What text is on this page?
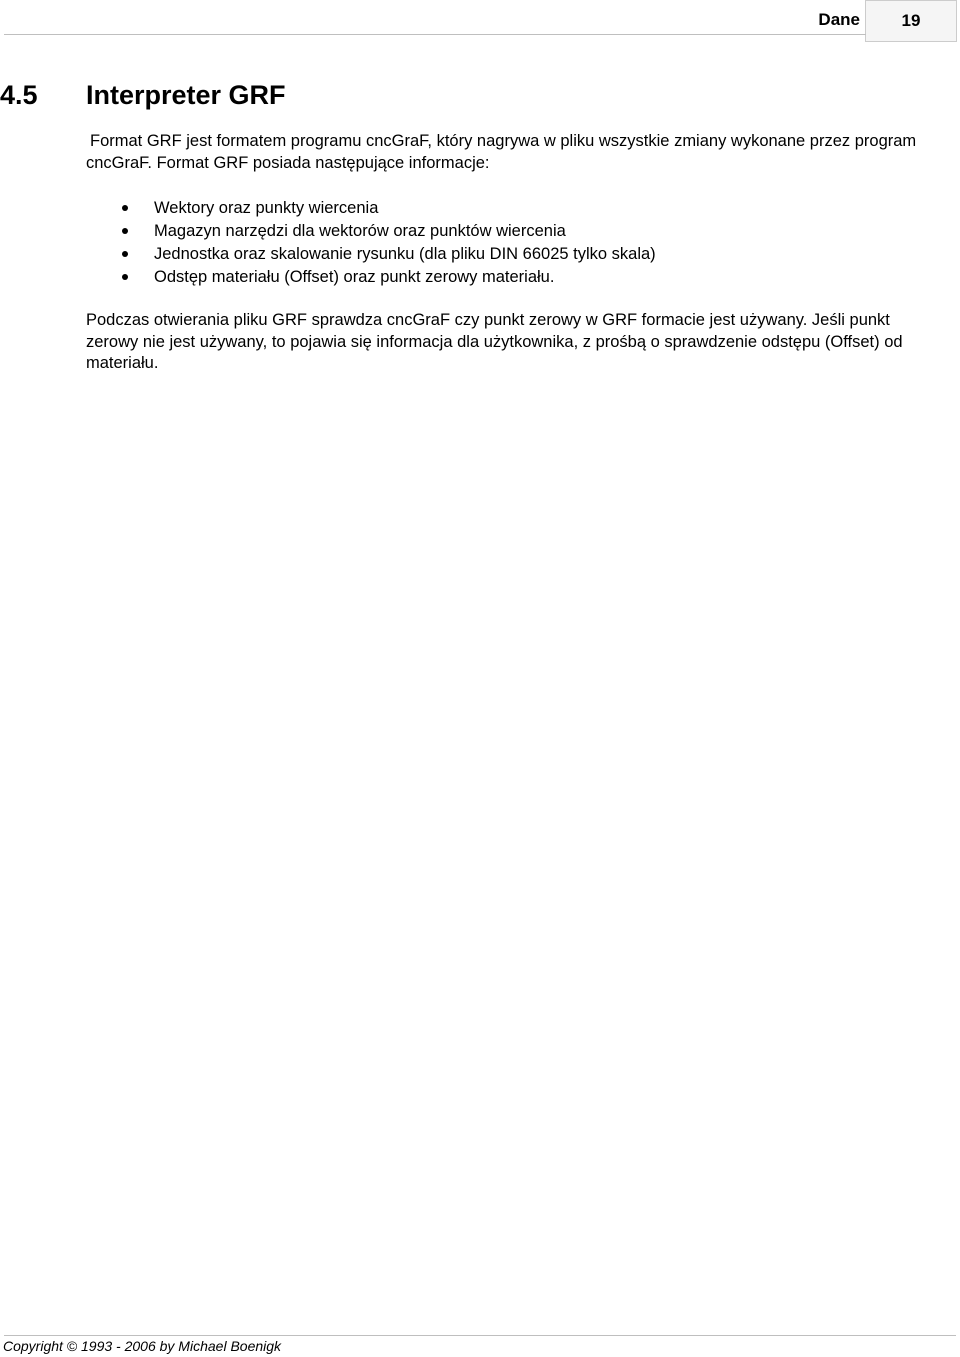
Dane 19
4.5 Interpreter GRF

Format GRF jest formatem programu cncGraF, który nagrywa w pliku wszystkie zmiany wykonane przez program cncGraF. Format GRF posiada następujące informacje:

Wektory oraz punkty wiercenia
Magazyn narzędzi dla wektorów oraz punktów wiercenia
Jednostka oraz skalowanie rysunku (dla pliku DIN 66025 tylko skala)
Odstęp materiału (Offset) oraz punkt zerowy materiału.

Podczas otwierania pliku GRF sprawdza cncGraF czy punkt zerowy w GRF formacie jest używany. Jeśli punkt zerowy nie jest używany, to pojawia się informacja dla użytkownika, z prośbą o sprawdzenie odstępu (Offset) od materiału.

Copyright © 1993 - 2006 by Michael Boenigk
